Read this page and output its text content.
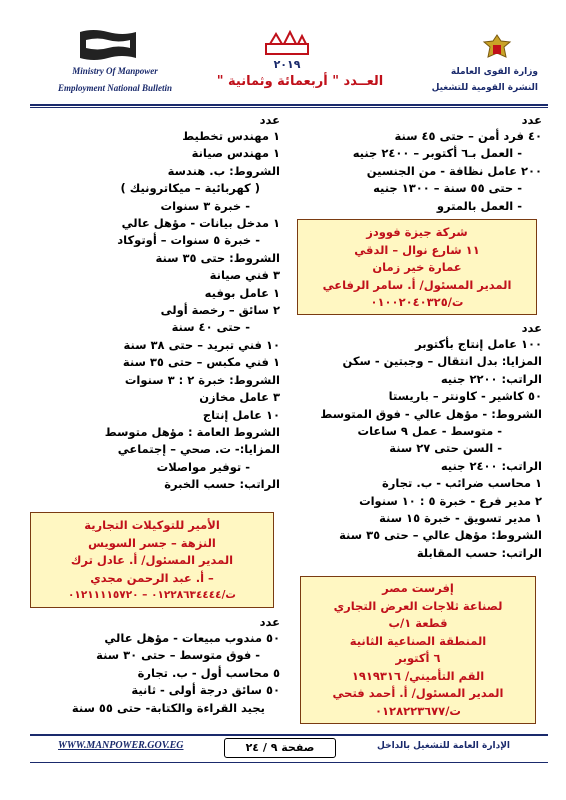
Ministry Of Manpower
Employment National Bulletin
٢٠١٩
العــدد " أربعمائة وثمانية "
وزارة القوى العاملة
النشرة القومية للتشغيل
عدد
١ مهندس تخطيط
١ مهندس صيانة
الشروط: ب. هندسة
( كهربائية – ميكاترونيك )
- خبرة ٣ سنوات
١ مدخل بيانات - مؤهل عالي
- خبرة ٥ سنوات – أوتوكاد
الشروط: حتى ٣٥ سنة
٣ فني صيانة
١ عامل بوفيه
٢ سائق – رخصة أولى
- حتى ٤٠ سنة
١٠ فني تبريد – حتى ٣٨ سنة
١ فني مكبس – حتى ٣٥ سنة
الشروط: خبرة ٢ : ٣ سنوات
٣ عامل مخازن
١٠ عامل إنتاج
الشروط العامة : مؤهل متوسط
المزايا:- ت. صحي – إجتماعي
- توفير مواصلات
الراتب: حسب الخبرة
الأمير للتوكيلات التجارية
النزهة – جسر السويس
المدير المسئول/ أ. عادل ترك
– أ. عبد الرحمن مجدي
ت/٠١٢٢٨٦٣٤٤٤٤ – ٠١٢١١١١٥٧٢٠
عدد
٥٠ مندوب مبيعات - مؤهل عالي
- فوق متوسط – حتى ٣٠ سنة
٥ محاسب أول - ب. تجارة
٥٠ سائق درجة أولى - ثانية
يجيد القراءة والكتابة- حتى ٥٥ سنة
عدد
٤٠ فرد أمن – حتى ٤٥ سنة
- العمل بـ٦ أكتوبر – ٢٤٠٠ جنيه
٢٠٠ عامل نظافة - من الجنسين
- حتى ٥٥ سنة – ١٣٠٠ جنيه
- العمل بالمترو
شركة جيزة فوودز
١١ شارع نوال – الدقي
عمارة خير زمان
المدير المسئول/ أ. سامر الرفاعي
ت/٠١٠٠٢٠٤٠٣٢٥
عدد
١٠٠ عامل إنتاج بأكتوبر
المزايا: بدل انتقال – وجبتين - سكن
الراتب: ٢٢٠٠ جنيه
٥٠ كاشير - كاونتر – باريستا
الشروط: - مؤهل عالي - فوق المتوسط
- متوسط - عمل ٩ ساعات
- السن حتى ٢٧ سنة
الراتب: ٢٤٠٠ جنيه
١ محاسب ضرائب - ب. تجارة
٢ مدير فرع - خبرة ٥ : ١٠ سنوات
١ مدير تسويق - خبرة ١٥ سنة
الشروط: مؤهل عالي – حتى ٣٥ سنة
الراتب: حسب المقابلة
إفرست مصر
لصناعة ثلاجات العرض التجاري
قطعة ١/ب
المنطقة الصناعية الثانية
٦ أكتوبر
القم التأميني/ ١٩١٩٣١٦
المدير المسئول/ أ. أحمد فتحي
ت/٠١٢٨٢٢٣٦٧٧
WWW.MANPOWER.GOV.EG	صفحة ٩ / ٢٤	الإدارة العامة للتشغيل بالداخل
